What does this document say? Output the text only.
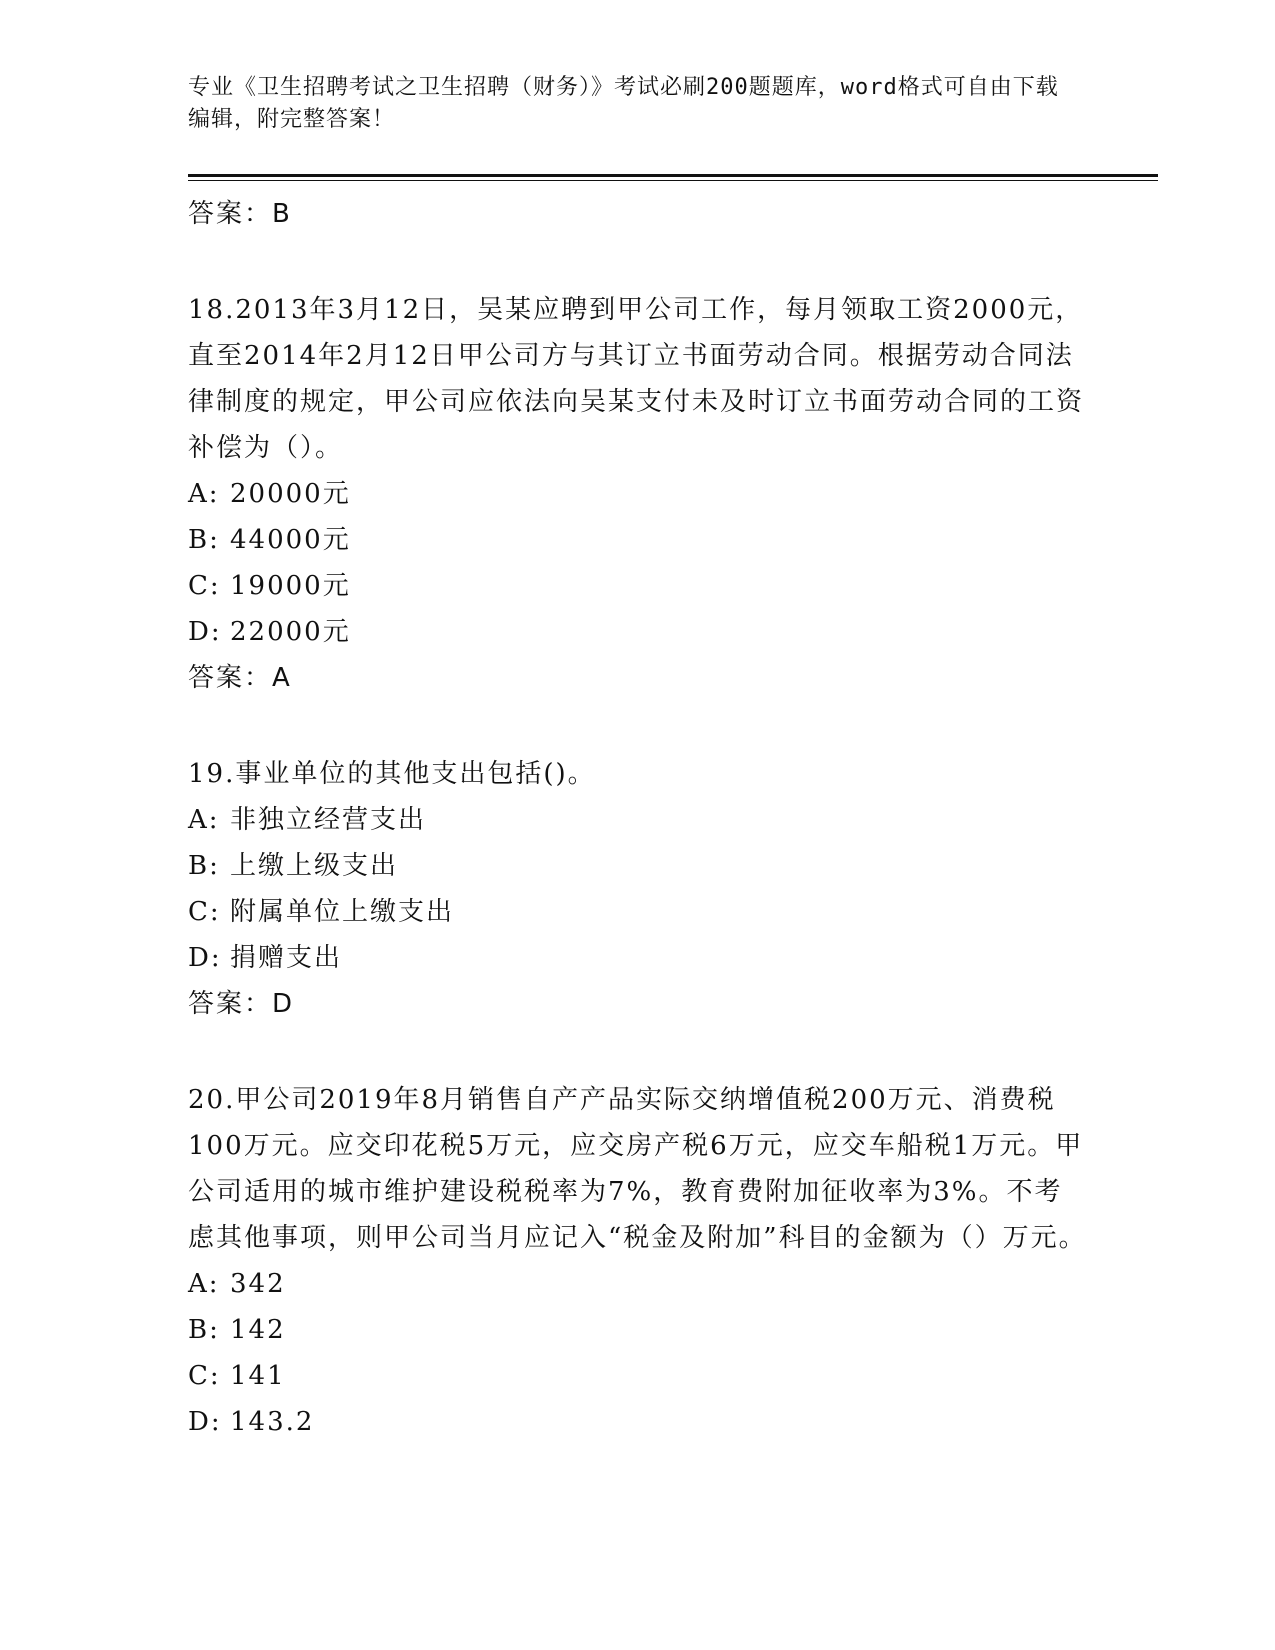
专业《卫生招聘考试之卫生招聘（财务）》考试必刷200题题库，word格式可自由下载编辑，附完整答案！
答案：B
18.2013年3月12日，吴某应聘到甲公司工作，每月领取工资2000元，直至2014年2月12日甲公司方与其订立书面劳动合同。根据劳动合同法律制度的规定，甲公司应依法向吴某支付未及时订立书面劳动合同的工资补偿为（）。
A: 20000元
B: 44000元
C: 19000元
D: 22000元
答案：A
19.事业单位的其他支出包括()。
A: 非独立经营支出
B: 上缴上级支出
C: 附属单位上缴支出
D: 捐赠支出
答案：D
20.甲公司2019年8月销售自产产品实际交纳增值税200万元、消费税100万元。应交印花税5万元，应交房产税6万元，应交车船税1万元。甲公司适用的城市维护建设税税率为7%，教育费附加征收率为3%。不考虑其他事项，则甲公司当月应记入“税金及附加”科目的金额为（）万元。
A: 342
B: 142
C: 141
D: 143.2
